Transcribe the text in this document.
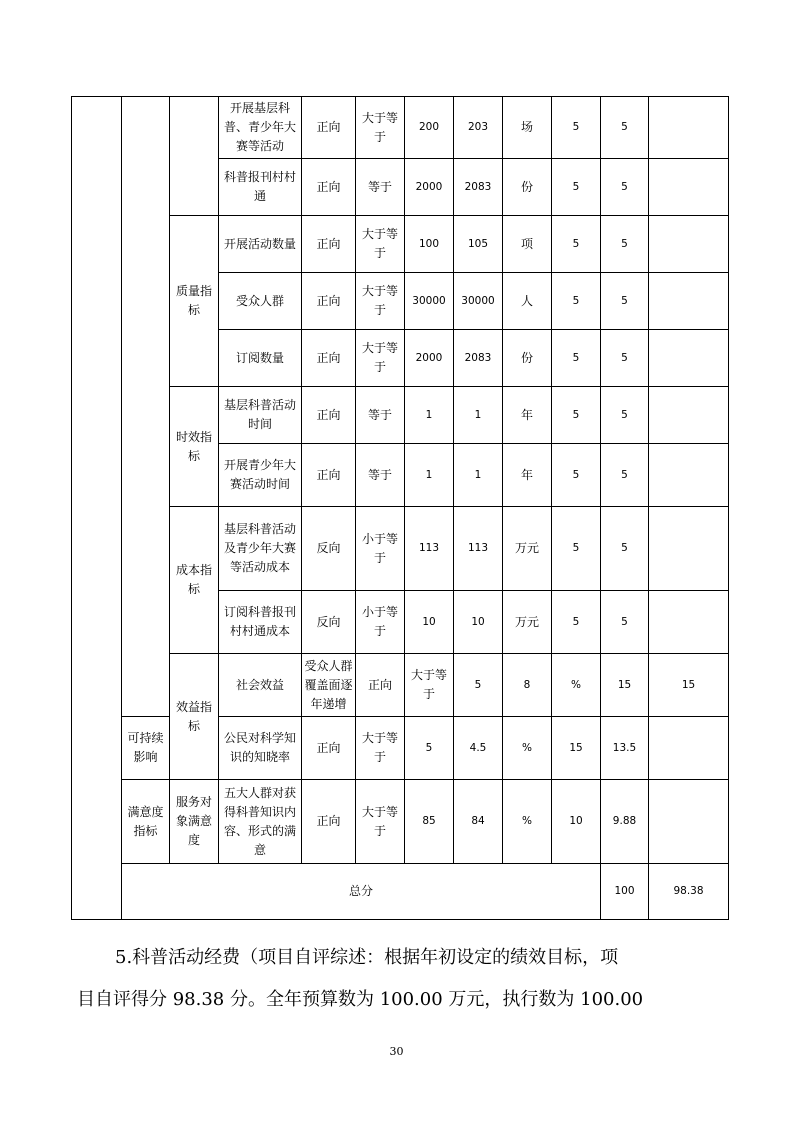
			开展基层科普、青少年大赛等活动	正向	大于等于	200	203	场	5	5		
			科普报刊村村通	正向	等于	2000	2083	份	5	5		
		质量指标	开展活动数量	正向	大于等于	100	105	项	5	5		
			受众人群	正向	大于等于	30000	30000	人	5	5		
			订阅数量	正向	大于等于	2000	2083	份	5	5		
		时效指标	基层科普活动时间	正向	等于	1	1	年	5	5		
			开展青少年大赛活动时间	正向	等于	1	1	年	5	5		
		成本指标	基层科普活动及青少年大赛等活动成本	反向	小于等于	113	113	万元	5	5		
			订阅科普报刊村村通成本	反向	小于等于	10	10	万元	5	5		
		效益指标	社会效益	受众人群覆盖面逐年递增	正向	大于等于	5	8	%	15	15	
	可持续影响		公民对科学知识的知晓率	正向	大于等于	5	4.5	%	15	13.5		
	满意度指标	服务对象满意度	五大人群对获得科普知识内容、形式的满意	正向	大于等于	85	84	%	10	9.88		
	总分									100	98.38	

5.科普活动经费（项目自评综述：根据年初设定的绩效目标，项

目自评得分 98.38 分。全年预算数为 100.00 万元，执行数为 100.00

30
